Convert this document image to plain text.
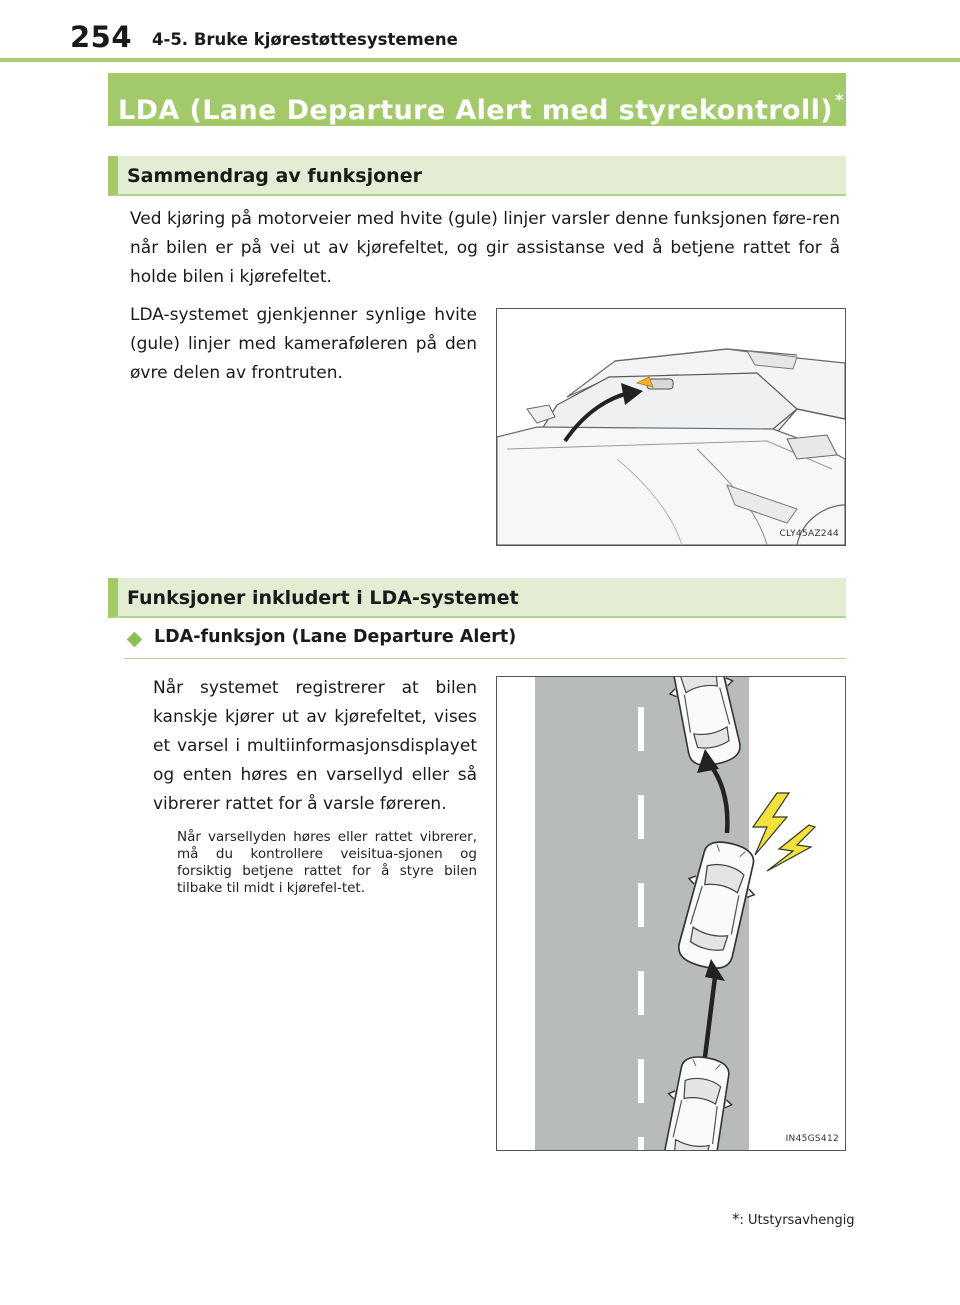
254 4-5. Bruke kjørestøttesystemene
LDA (Lane Departure Alert med styrekontroll) *
Sammendrag av funksjoner
Ved kjøring på motorveier med hvite (gule) linjer varsler denne funksjonen føre-ren når bilen er på vei ut av kjørefeltet, og gir assistanse ved å betjene rattet for å holde bilen i kjørefeltet.
LDA-systemet gjenkjenner synlige hvite (gule) linjer med kameraføleren på den øvre delen av frontruten.
CLY45AZ244
Funksjoner inkludert i LDA-systemet
LDA-funksjon (Lane Departure Alert)
Når systemet registrerer at bilen kanskje kjører ut av kjørefeltet, vises et varsel i multiinformasjonsdisplayet og enten høres en varsellyd eller så vibrerer rattet for å varsle føreren.
Når varsellyden høres eller rattet vibrerer, må du kontrollere veisitua-sjonen og forsiktig betjene rattet for å styre bilen tilbake til midt i kjørefel-tet.
IN45GS412
*: Utstyrsavhengig
